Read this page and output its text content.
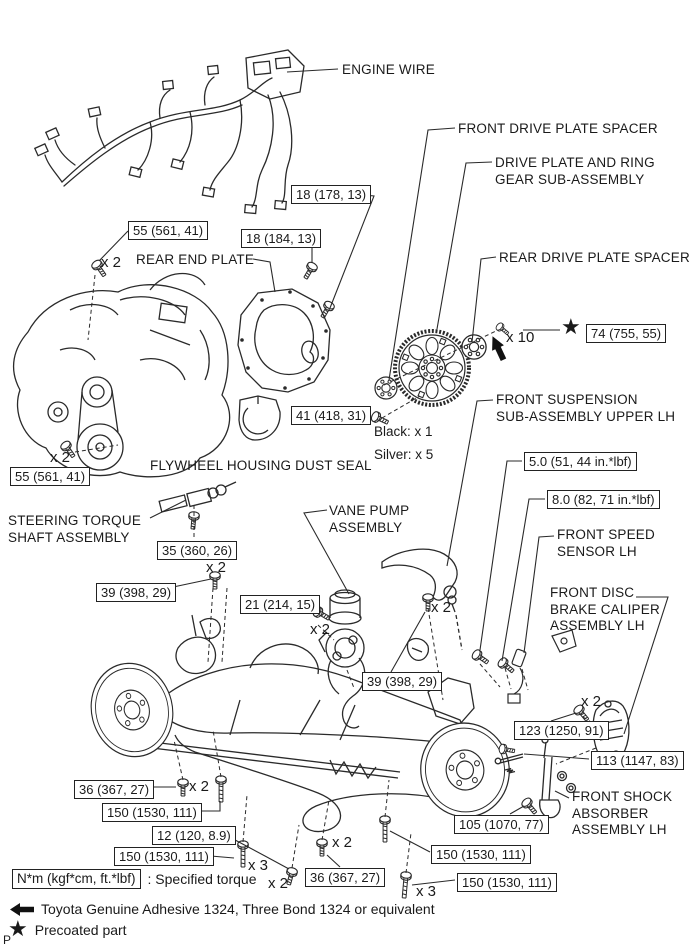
ENGINE WIRE
FRONT DRIVE PLATE SPACER
DRIVE PLATE AND RING
GEAR SUB-ASSEMBLY
REAR END PLATE	REAR DRIVE PLATE SPACER
FLYWHEEL HOUSING DUST SEAL
FRONT SUSPENSION
SUB-ASSEMBLY UPPER LH
STEERING TORQUE
SHAFT ASSEMBLY
VANE PUMP
ASSEMBLY	FRONT SPEED
SENSOR LH
FRONT DISC
BRAKE CALIPER
ASSEMBLY LH
FRONT SHOCK
ABSORBER
ASSEMBLY LH
18 (178, 13)
55 (561, 41)
18 (184, 13)
★ 74 (755, 55)
41 (418, 31)
55 (561, 41)
35 (360, 26)
39 (398, 29)
21 (214, 15)
5.0 (51, 44 in.*lbf)
8.0 (82, 71 in.*lbf)
39 (398, 29)
123 (1250, 91)
113 (1147, 83)
36 (367, 27)
150 (1530, 111)
12 (120, 8.9)
150 (1530, 111)
105 (1070, 77)
150 (1530, 111)
36 (367, 27)	150 (1530, 111)
x 2
x 10
x 2
x 2
x 2
x 2
x 2
x 2
x 2
x 2
x 3
x 3
Black: x 1
Silver: x 5
N*m (kgf*cm, ft.*lbf) : Specified torque
Toyota Genuine Adhesive 1324, Three Bond 1324 or equivalent
★ Precoated part
P
